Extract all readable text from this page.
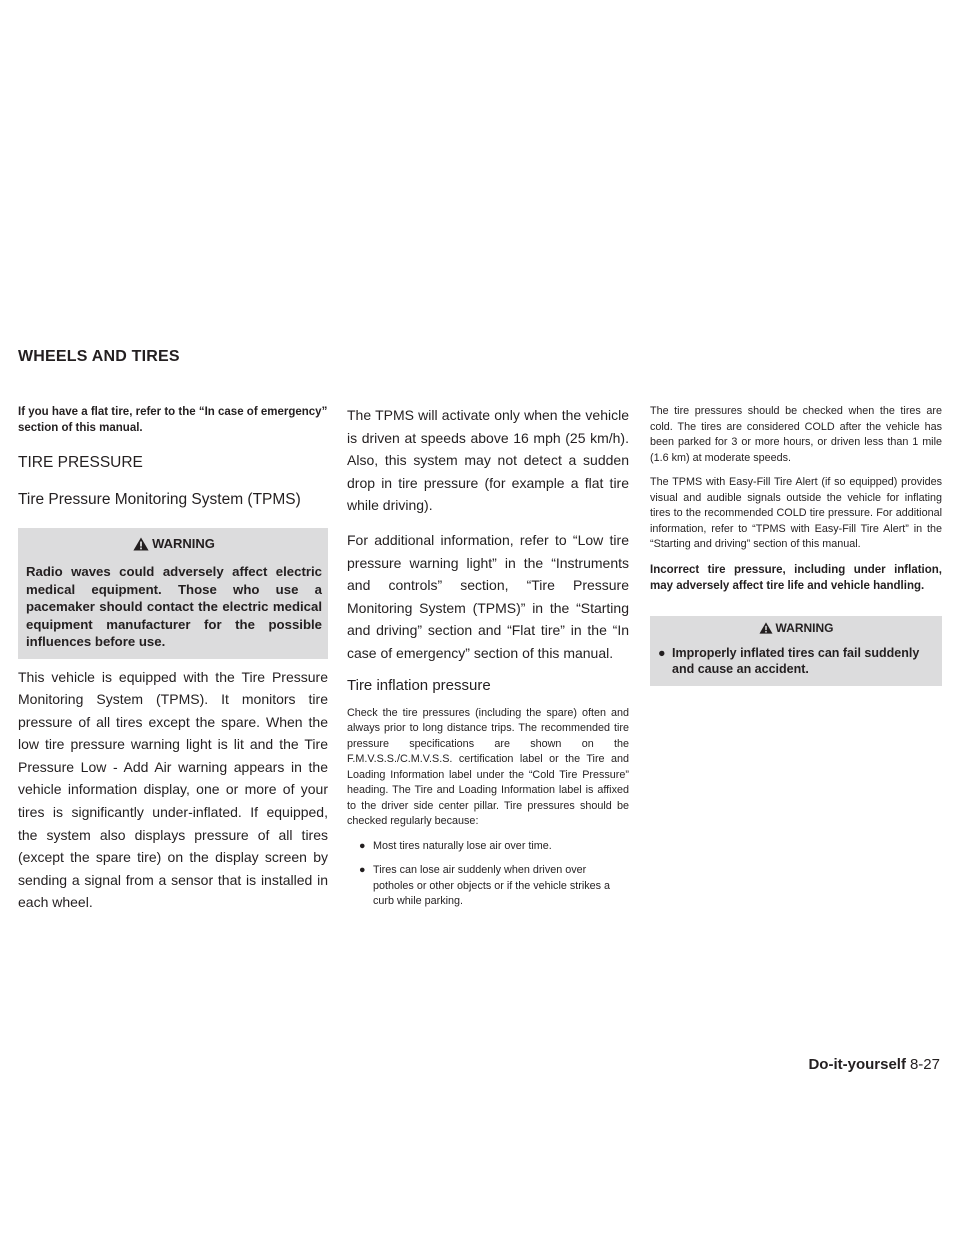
WHEELS AND TIRES

If you have a flat tire, refer to the “In case of emergency” section of this manual.

TIRE PRESSURE
Tire Pressure Monitoring System (TPMS)
WARNING
Radio waves could adversely affect electric medical equipment. Those who use a pacemaker should contact the electric medical equipment manufacturer for the possible influences before use.

This vehicle is equipped with the Tire Pressure Monitoring System (TPMS). It monitors tire pressure of all tires except the spare. When the low tire pressure warning light is lit and the Tire Pressure Low - Add Air warning appears in the vehicle information display, one or more of your tires is significantly under-inflated. If equipped, the system also displays pressure of all tires (except the spare tire) on the display screen by sending a signal from a sensor that is installed in each wheel.

The TPMS will activate only when the vehicle is driven at speeds above 16 mph (25 km/h). Also, this system may not detect a sudden drop in tire pressure (for example a flat tire while driving).

For additional information, refer to “Low tire pressure warning light” in the “Instruments and controls” section, “Tire Pressure Monitoring System (TPMS)” in the “Starting and driving” section and “Flat tire” in the “In case of emergency” section of this manual.

Tire inflation pressure

Check the tire pressures (including the spare) often and always prior to long distance trips. The recommended tire pressure specifications are shown on the F.M.V.S.S./C.M.V.S.S. certification label or the Tire and Loading Information label under the “Cold Tire Pressure” heading. The Tire and Loading Information label is affixed to the driver side center pillar. Tire pressures should be checked regularly because:

● Most tires naturally lose air over time.
● Tires can lose air suddenly when driven over potholes or other objects or if the vehicle strikes a curb while parking.

The tire pressures should be checked when the tires are cold. The tires are considered COLD after the vehicle has been parked for 3 or more hours, or driven less than 1 mile (1.6 km) at moderate speeds.

The TPMS with Easy-Fill Tire Alert (if so equipped) provides visual and audible signals outside the vehicle for inflating tires to the recommended COLD tire pressure. For additional information, refer to “TPMS with Easy-Fill Tire Alert” in the “Starting and driving” section of this manual.

Incorrect tire pressure, including under inflation, may adversely affect tire life and vehicle handling.

WARNING
● Improperly inflated tires can fail suddenly and cause an accident.
Do-it-yourself 8-27
